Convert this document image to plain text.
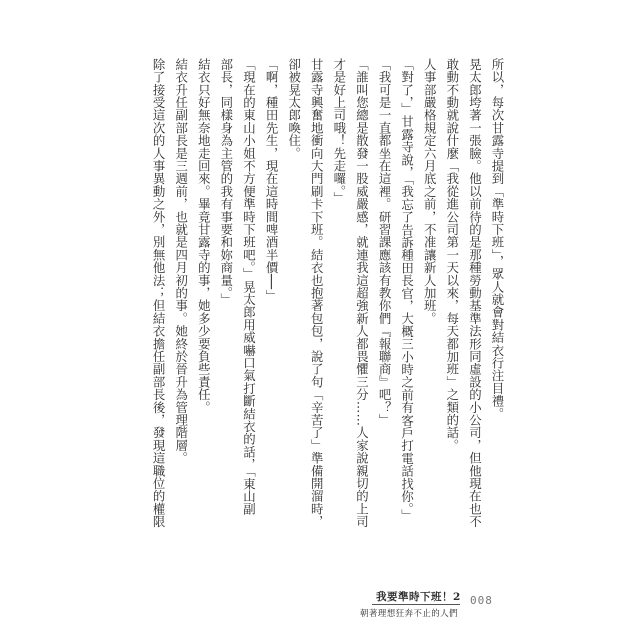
所以，每次甘露寺提到「準時下班」，眾人就會對結衣行注目禮。
晃太郎垮著一張臉。他以前待的是那種勞動基準法形同虛設的小公司，但他現在也不
敢動不動就說什麼「我從進公司第一天以來，每天都加班」之類的話。
人事部嚴格規定六月底之前，不准讓新人加班。
「對了，」甘露寺說，「我忘了告訴種田長官，大概三小時之前有客戶打電話找你。」
「我可是一直都坐在這裡。研習課應該有教你們『報聯商』吧？」
「誰叫您總是散發一股威嚴感，就連我這超強新人都畏懼三分……人家說親切的上司
才是好上司哦！先走囉。」
甘露寺興奮地衝向大門刷卡下班。結衣也抱著包包，說了句「辛苦了」準備開溜時，
卻被晃太郎喚住。
「啊，種田先生，現在這時間啤酒半價──」
「現在的東山小姐不方便準時下班吧。」晃太郎用威嚇口氣打斷結衣的話，「東山副
部長，同樣身為主管的我有事要和妳商量。」
結衣只好無奈地走回來。畢竟甘露寺的事，她多少要負些責任。
結衣升任副部長是三週前，也就是四月初的事。她終於晉升為管理階層。
除了接受這次的人事異動之外，別無他法；但結衣擔任副部長後，發現這職位的權限
我要準時下班！2
朝著理想狂奔不止的人們
008
